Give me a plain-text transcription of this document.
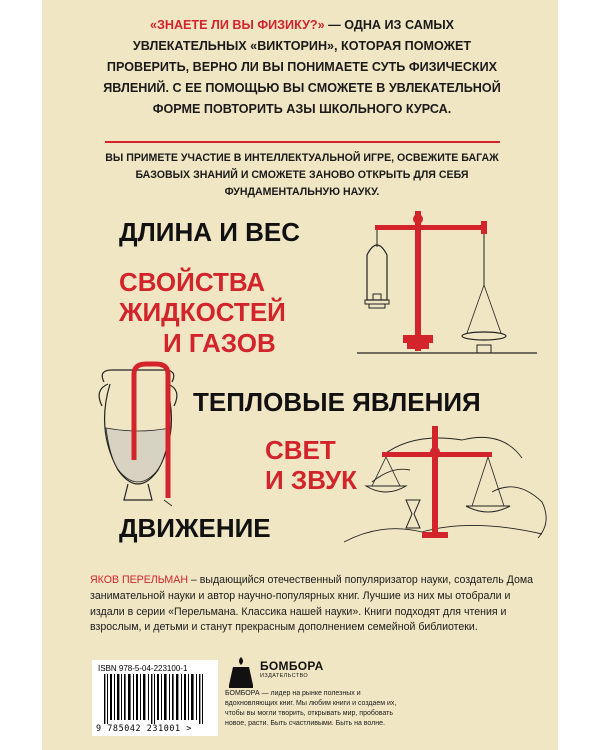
«ЗНАЕТЕ ЛИ ВЫ ФИЗИКУ?» — ОДНА ИЗ САМЫХ УВЛЕКАТЕЛЬНЫХ «ВИКТОРИН», КОТОРАЯ ПОМОЖЕТ ПРОВЕРИТЬ, ВЕРНО ЛИ ВЫ ПОНИМАЕТЕ СУТЬ ФИЗИЧЕСКИХ ЯВЛЕНИЙ. С ЕЕ ПОМОЩЬЮ ВЫ СМОЖЕТЕ В УВЛЕКАТЕЛЬНОЙ ФОРМЕ ПОВТОРИТЬ АЗЫ ШКОЛЬНОГО КУРСА.
ВЫ ПРИМЕТЕ УЧАСТИЕ В ИНТЕЛЛЕКТУАЛЬНОЙ ИГРЕ, ОСВЕЖИТЕ БАГАЖ БАЗОВЫХ ЗНАНИЙ И СМОЖЕТЕ ЗАНОВО ОТКРЫТЬ ДЛЯ СЕБЯ ФУНДАМЕНТАЛЬНУЮ НАУКУ.
ДЛИНА И ВЕС
СВОЙСТВА
ЖИДКОСТЕЙ
И ГАЗОВ
ТЕПЛОВЫЕ ЯВЛЕНИЯ
СВЕТ
И ЗВУК
ДВИЖЕНИЕ
ЯКОВ ПЕРЕЛЬМАН – выдающийся отечественный популяризатор науки, создатель Дома занимательной науки и автор научно-популярных книг. Лучшие из них мы отобрали и издали в серии «Перельмана. Классика нашей науки». Книги подходят для чтения и взрослым, и детьми и станут прекрасным дополнением семейной библиотеки.
ISBN 978-5-04-223100-1
9 785042 231001 >
БОМБОРА
ИЗДАТЕЛЬСТВО
БОМБОРА — лидер на рынке полезных и вдохновляющих книг. Мы любим книги и создаем их, чтобы вы могли творить, открывать мир, пробовать новое, расти. Быть счастливыми. Быть на волне.
